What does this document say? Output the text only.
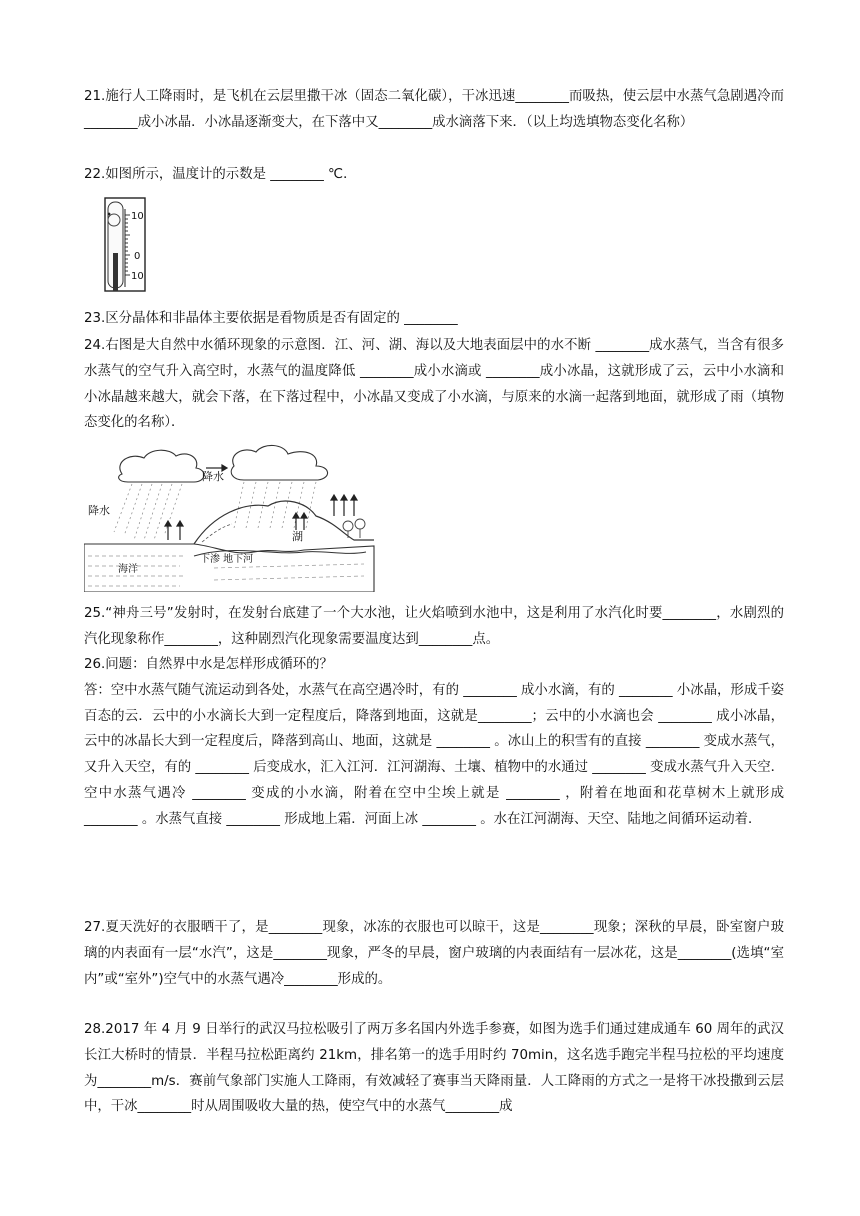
21.施行人工降雨时，是飞机在云层里撒干冰（固态二氧化碳），干冰迅速________而吸热，使云层中水蒸气急剧遇冷而________成小冰晶．小冰晶逐渐变大，在下落中又________成水滴落下来．（以上均选填物态变化名称）
22.如图所示，温度计的示数是 ________ ℃．
10
0
10
23.区分晶体和非晶体主要依据是看物质是否有固定的 ________
24.右图是大自然中水循环现象的示意图．江、河、湖、海以及大地表面层中的水不断 ________成水蒸气，当含有很多水蒸气的空气升入高空时，水蒸气的温度降低 ________成小水滴或 ________成小冰晶，这就形成了云，云中小水滴和小冰晶越来越大，就会下落，在下落过程中，小冰晶又变成了小水滴，与原来的水滴一起落到地面，就形成了雨（填物态变化的名称）．
降水
降水
湖
海洋
下渗 地下河
25.“神舟三号”发射时，在发射台底建了一个大水池，让火焰喷到水池中，这是利用了水汽化时要________，水剧烈的汽化现象称作________，这种剧烈汽化现象需要温度达到________点。
26.问题：自然界中水是怎样形成循环的？
答：空中水蒸气随气流运动到各处，水蒸气在高空遇冷时，有的 ________ 成小水滴，有的 ________ 小冰晶，形成千姿百态的云．云中的小水滴长大到一定程度后，降落到地面，这就是________；云中的小水滴也会 ________ 成小冰晶，云中的冰晶长大到一定程度后，降落到高山、地面，这就是 ________ 。冰山上的积雪有的直接 ________ 变成水蒸气，又升入天空，有的 ________ 后变成水，汇入江河．江河湖海、土壤、植物中的水通过 ________ 变成水蒸气升入天空．空中水蒸气遇冷 ________ 变成的小水滴，附着在空中尘埃上就是 ________ ，附着在地面和花草树木上就形成 ________ 。水蒸气直接 ________ 形成地上霜．河面上冰 ________ 。水在江河湖海、天空、陆地之间循环运动着．
27.夏天洗好的衣服晒干了，是________现象，冰冻的衣服也可以晾干，这是________现象；深秋的早晨，卧室窗户玻璃的内表面有一层“水汽”，这是________现象，严冬的早晨，窗户玻璃的内表面结有一层冰花，这是________(选填“室内”或“室外”)空气中的水蒸气遇冷________形成的。
28.2017 年 4 月 9 日举行的武汉马拉松吸引了两万多名国内外选手参赛，如图为选手们通过建成通车 60 周年的武汉长江大桥时的情景．半程马拉松距离约 21km，排名第一的选手用时约 70min，这名选手跑完半程马拉松的平均速度为________m/s．赛前气象部门实施人工降雨，有效减轻了赛事当天降雨量．人工降雨的方式之一是将干冰投撒到云层中，干冰________时从周围吸收大量的热，使空气中的水蒸气________成
